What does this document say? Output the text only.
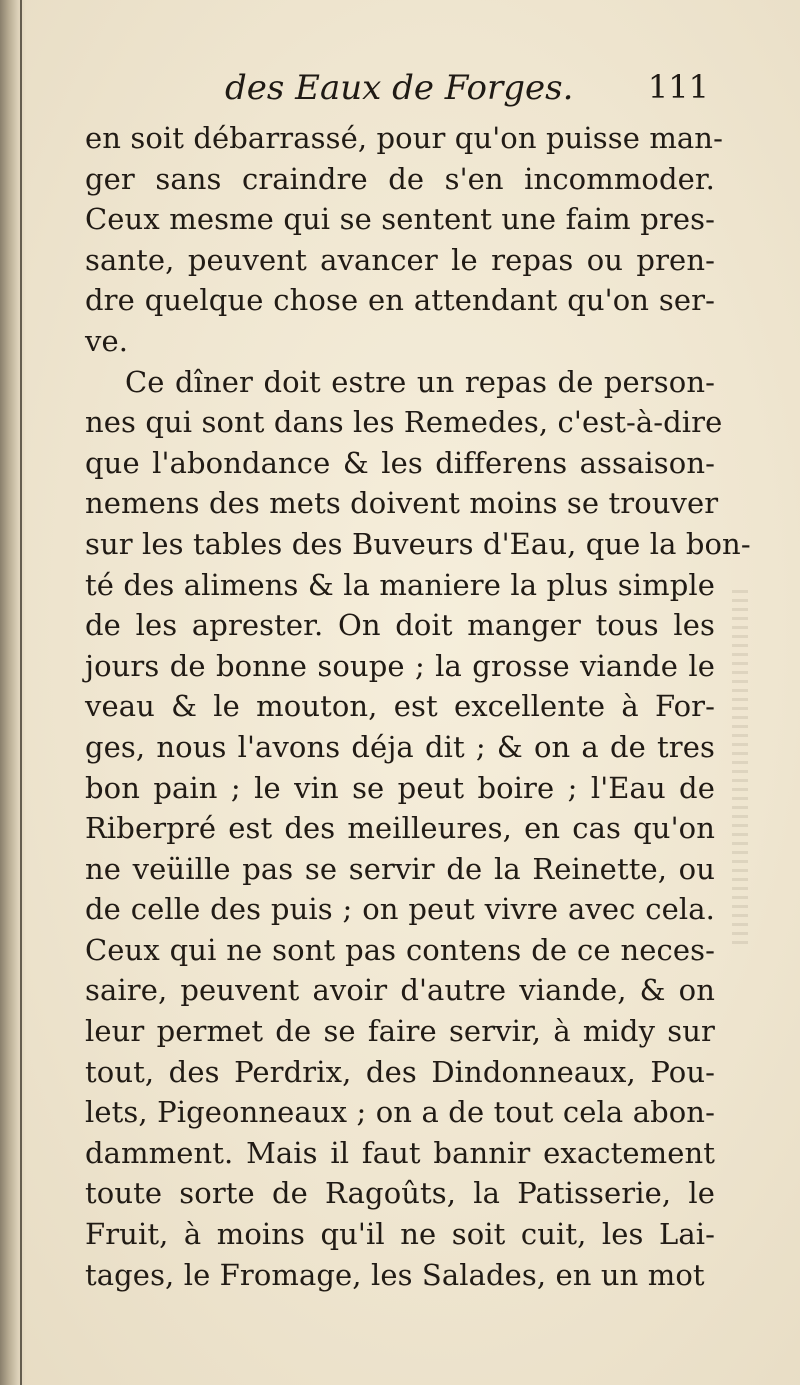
des Eaux de Forges. 111
en soit débarrassé, pour qu'on puisse man-
ger sans craindre de s'en incommoder.
Ceux mesme qui se sentent une faim pres-
sante, peuvent avancer le repas ou pren-
dre quelque chose en attendant qu'on ser-
ve.
Ce dîner doit estre un repas de person-
nes qui sont dans les Remedes, c'est-à-dire
que l'abondance & les differens assaison-
nemens des mets doivent moins se trouver
sur les tables des Buveurs d'Eau, que la bon-
té des alimens & la maniere la plus simple
de les aprester. On doit manger tous les
jours de bonne soupe ; la grosse viande le
veau & le mouton, est excellente à For-
ges, nous l'avons déja dit ; & on a de tres
bon pain ; le vin se peut boire ; l'Eau de
Riberpré est des meilleures, en cas qu'on
ne veüille pas se servir de la Reinette, ou
de celle des puis ; on peut vivre avec cela.
Ceux qui ne sont pas contens de ce neces-
saire, peuvent avoir d'autre viande, & on
leur permet de se faire servir, à midy sur
tout, des Perdrix, des Dindonneaux, Pou-
lets, Pigeonneaux ; on a de tout cela abon-
damment. Mais il faut bannir exactement
toute sorte de Ragoûts, la Patisserie, le
Fruit, à moins qu'il ne soit cuit, les Lai-
tages, le Fromage, les Salades, en un mot
